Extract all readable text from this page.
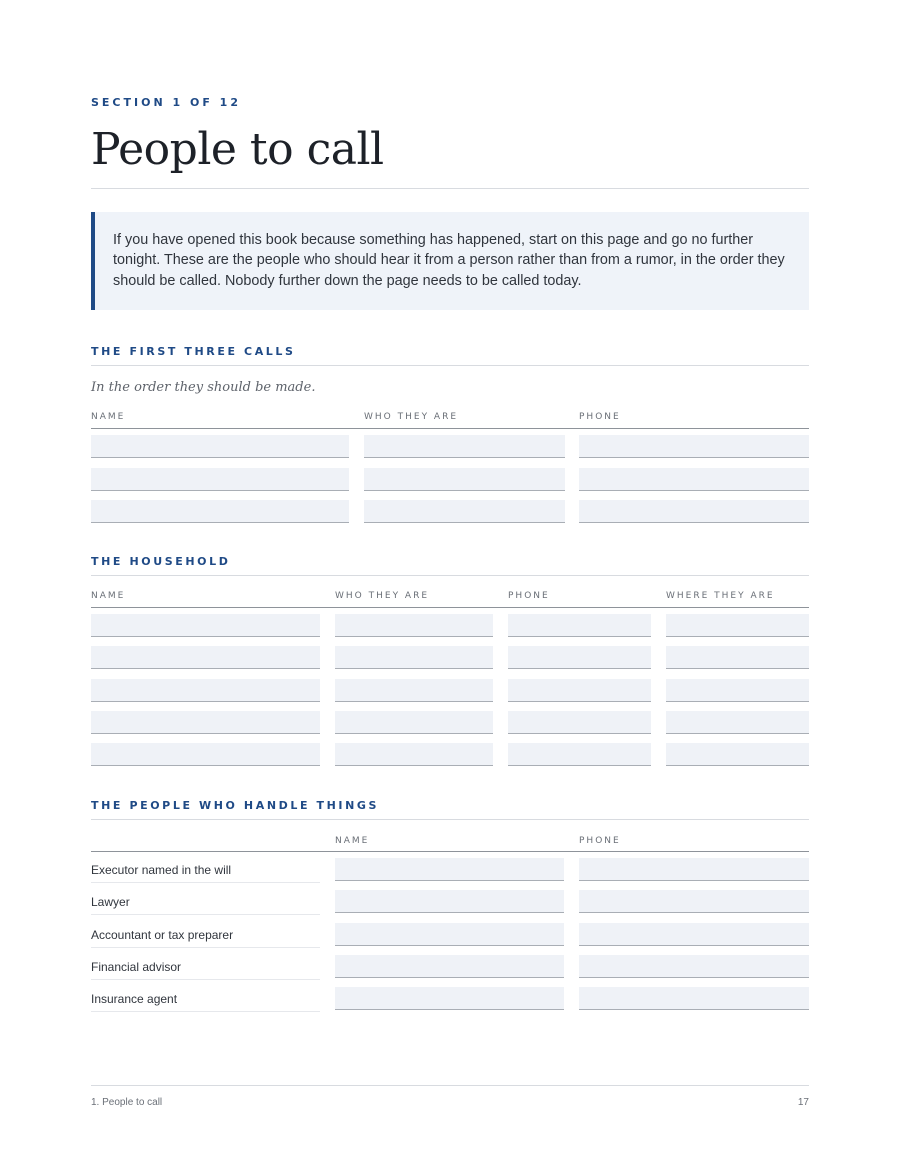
SECTION 1 OF 12
People to call

If you have opened this book because something has happened, start on this page and go no further tonight. These are the people who should hear it from a person rather than from a rumor, in the order they should be called. Nobody further down the page needs to be called today.

THE FIRST THREE CALLS
In the order they should be made.
NAME	WHO THEY ARE	PHONE
THE HOUSEHOLD
NAME	WHO THEY ARE	PHONE	WHERE THEY ARE
THE PEOPLE WHO HANDLE THINGS
NAME	PHONE
Executor named in the will
Lawyer
Accountant or tax preparer
Financial advisor
Insurance agent
1. People to call	17
